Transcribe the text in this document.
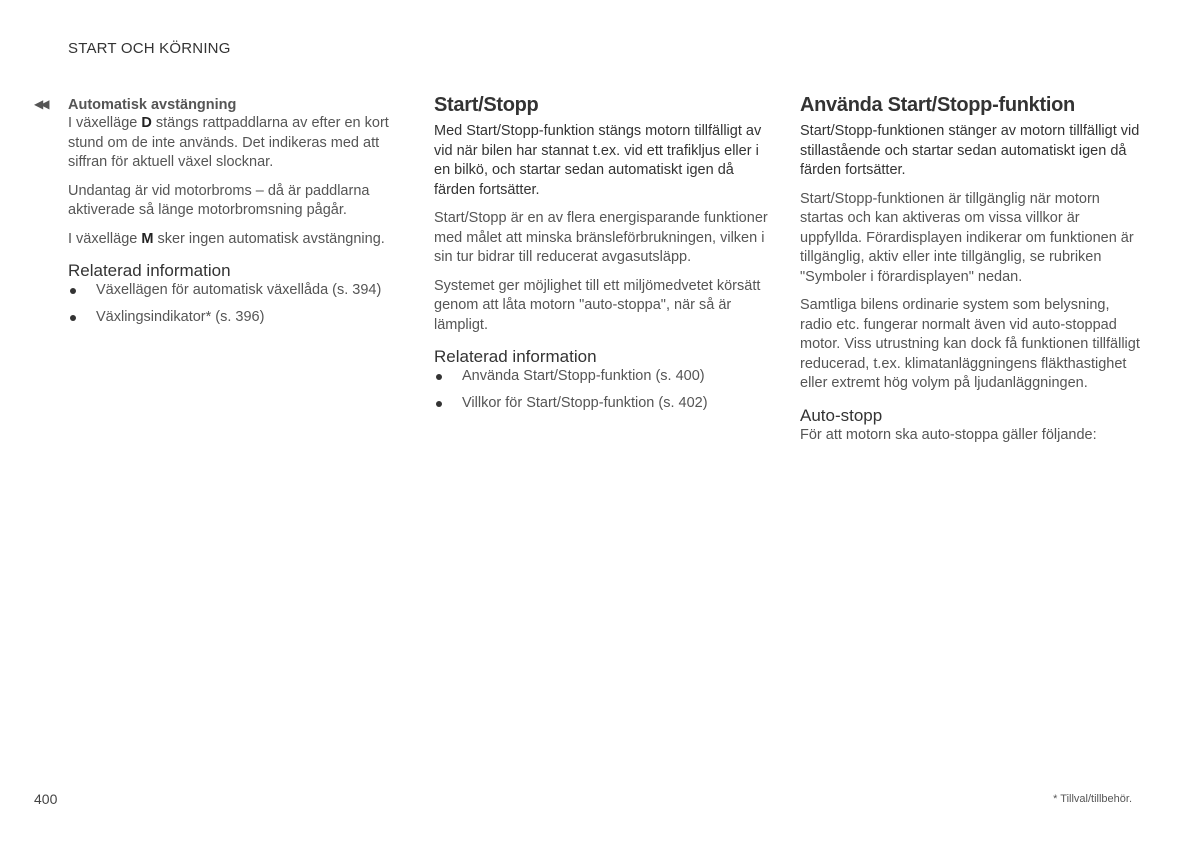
START OCH KÖRNING
◀◀ Automatisk avstängning

I växelläge D stängs rattpaddlarna av efter en kort stund om de inte används. Det indikeras med att siffran för aktuell växel slocknar.

Undantag är vid motorbroms – då är paddlarna aktiverade så länge motorbromsning pågår.

I växelläge M sker ingen automatisk avstängning.

Relaterad information
Växellägen för automatisk växellåda (s. 394)
Växlingsindikator* (s. 396)
Start/Stopp

Med Start/Stopp-funktion stängs motorn tillfälligt av vid när bilen har stannat t.ex. vid ett trafikljus eller i en bilkö, och startar sedan automatiskt igen då färden fortsätter.

Start/Stopp är en av flera energisparande funktioner med målet att minska bränsleförbrukningen, vilken i sin tur bidrar till reducerat avgasutsläpp.

Systemet ger möjlighet till ett miljömedvetet körsätt genom att låta motorn "auto-stoppa", när så är lämpligt.

Relaterad information
Använda Start/Stopp-funktion (s. 400)
Villkor för Start/Stopp-funktion (s. 402)
Använda Start/Stopp-funktion

Start/Stopp-funktionen stänger av motorn tillfälligt vid stillastående och startar sedan automatiskt igen då färden fortsätter.

Start/Stopp-funktionen är tillgänglig när motorn startas och kan aktiveras om vissa villkor är uppfyllda. Förardisplayen indikerar om funktionen är tillgänglig, aktiv eller inte tillgänglig, se rubriken "Symboler i förardisplayen" nedan.

Samtliga bilens ordinarie system som belysning, radio etc. fungerar normalt även vid auto-stoppad motor. Viss utrustning kan dock få funktionen tillfälligt reducerad, t.ex. klimatanläggningens fläkthastighet eller extremt hög volym på ljudanläggningen.

Auto-stopp

För att motorn ska auto-stoppa gäller följande:

400	* Tillval/tillbehör.
